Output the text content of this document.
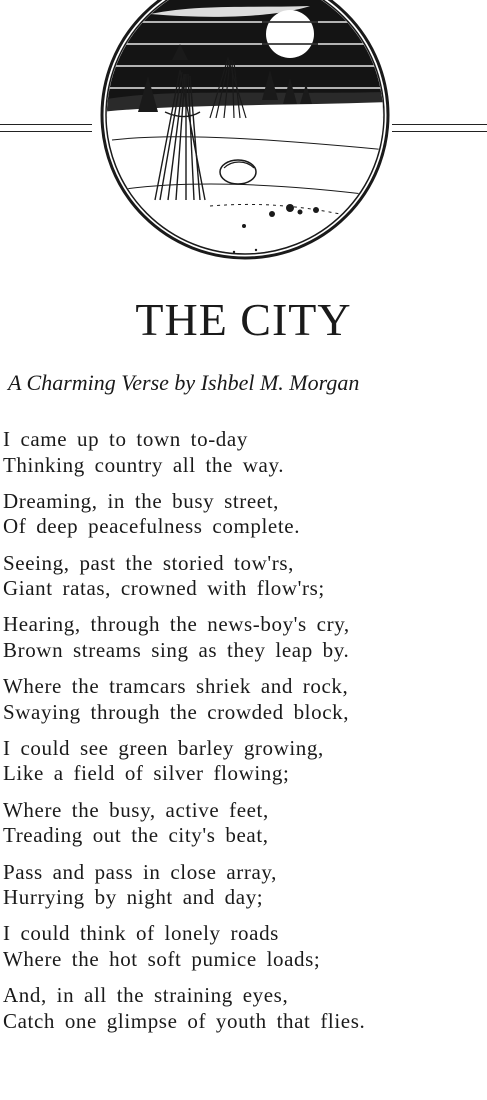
THE CITY

A Charming Verse by Ishbel M. Morgan

I came up to town to-day
Thinking country all the way.
Dreaming, in the busy street,
Of deep peacefulness complete.
Seeing, past the storied tow'rs,
Giant ratas, crowned with flow'rs;
Hearing, through the news-boy's cry,
Brown streams sing as they leap by.
Where the tramcars shriek and rock,
Swaying through the crowded block,
I could see green barley growing,
Like a field of silver flowing;
Where the busy, active feet,
Treading out the city's beat,
Pass and pass in close array,
Hurrying by night and day;
I could think of lonely roads
Where the hot soft pumice loads;
And, in all the straining eyes,
Catch one glimpse of youth that flies.
